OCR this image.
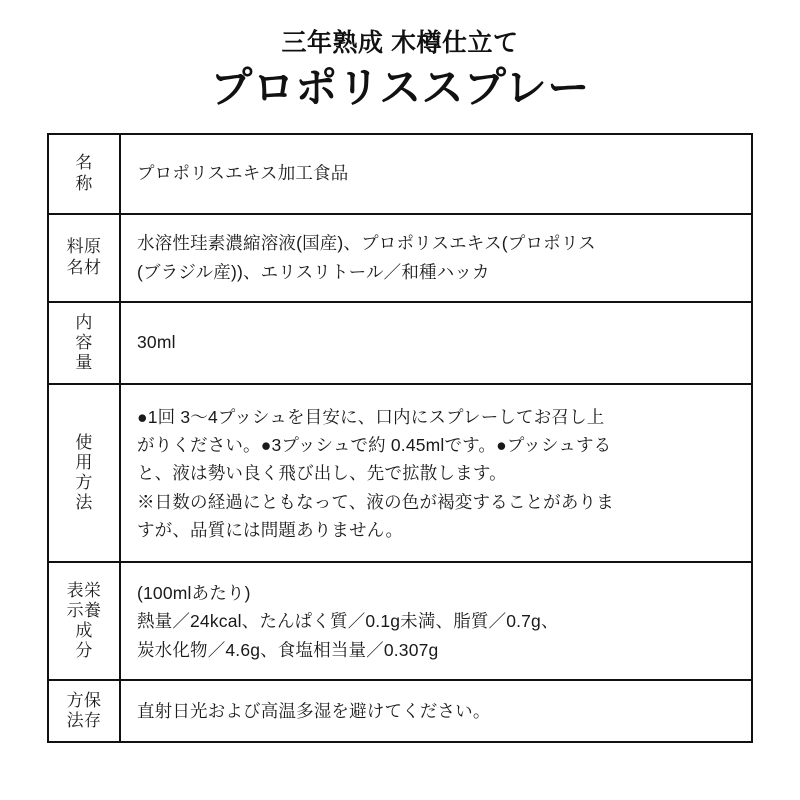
三年熟成 木樽仕立て
プロポリススプレー
名
称	プロポリスエキス加工食品

料原
名材	水溶性珪素濃縮溶液(国産)、プロポリスエキス(プロポリス
(ブラジル産))、エリスリトール／和種ハッカ

内
容
量	30ml

使
用
方
法	●1回 3〜4プッシュを目安に、口内にスプレーしてお召し上
がりください。●3プッシュで約 0.45mlです。●プッシュする
と、液は勢い良く飛び出し、先で拡散します。
※日数の経過にともなって、液の色が褐変することがありま
すが、品質には問題ありません。

表栄
示養
成
分	(100mlあたり)
熱量／24kcal、たんぱく質／0.1g未満、脂質／0.7g、
炭水化物／4.6g、食塩相当量／0.307g

方保
法存	直射日光および高温多湿を避けてください。
